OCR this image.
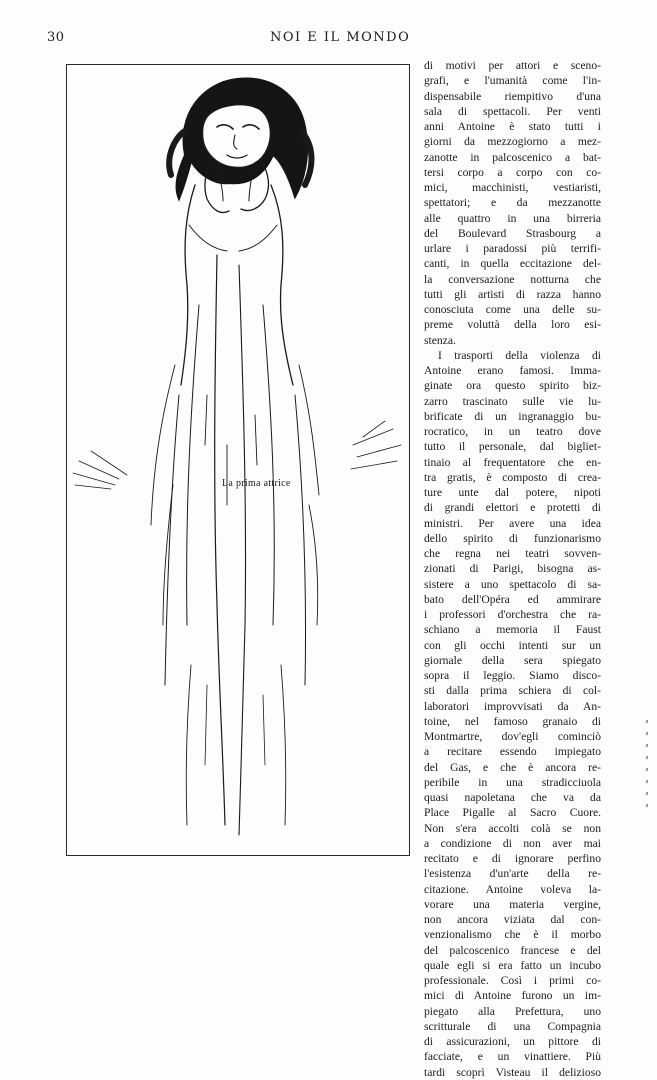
30	NOI E IL MONDO
La prima attrice
di motivi per attori e sceno-
grafi, e l'umanità come l'in-
dispensabile riempitivo d'una
sala di spettacoli. Per venti
anni Antoine è stato tutti i
giorni da mezzogiorno a mez-
zanotte in palcoscenico a bat-
tersi corpo a corpo con co-
mici, macchinisti, vestiaristi,
spettatori; e da mezzanotte
alle quattro in una birreria
del Boulevard Strasbourg a
urlare i paradossi più terrifi-
canti, in quella eccitazione del-
la conversazione notturna che
tutti gli artisti di razza hanno
conosciuta come una delle su-
preme voluttà della loro esi-
stenza.
I trasporti della violenza di
Antoine erano famosi. Imma-
ginate ora questo spirito biz-
zarro trascinato sulle vie lu-
brificate di un ingranaggio bu-
rocratico, in un teatro dove
tutto il personale, dal bigliet-
tinaio al frequentatore che en-
tra gratis, è composto di crea-
ture unte dal potere, nipoti
di grandi elettori e protetti di
ministri. Per avere una idea
dello spirito di funzionarismo
che regna nei teatri sovven-
zionati di Parigi, bisogna as-
sistere a uno spettacolo di sa-
bato dell'Opéra ed ammirare
i professori d'orchestra che ra-
schiano a memoria il Faust
con gli occhi intenti sur un
giornale della sera spiegato
sopra il leggio. Siamo disco-
sti dalla prima schiera di col-
laboratori improvvisati da An-
toine, nel famoso granaio di
Montmartre, dov'egli cominciò
a recitare essendo impiegato
del Gas, e che è ancora re-
peribile in una stradicciuola
quasi napoletana che va da
Place Pigalle al Sacro Cuore.
Non s'era accolti colà se non
a condizione di non aver mai
recitato e di ignorare perfino
l'esistenza d'un'arte della re-
citazione. Antoine voleva la-
vorare una materia vergine,
non ancora viziata dal con-
venzionalismo che è il morbo
del palcoscenico francese e del
quale egli si era fatto un incubo
professionale. Così i primi co-
mici di Antoine furono un im-
piegato alla Prefettura, uno
scritturale di una Compagnia
di assicurazioni, un pittore di
facciate, e un vinattiere. Più
tardi scoprì Visteau il delizioso
